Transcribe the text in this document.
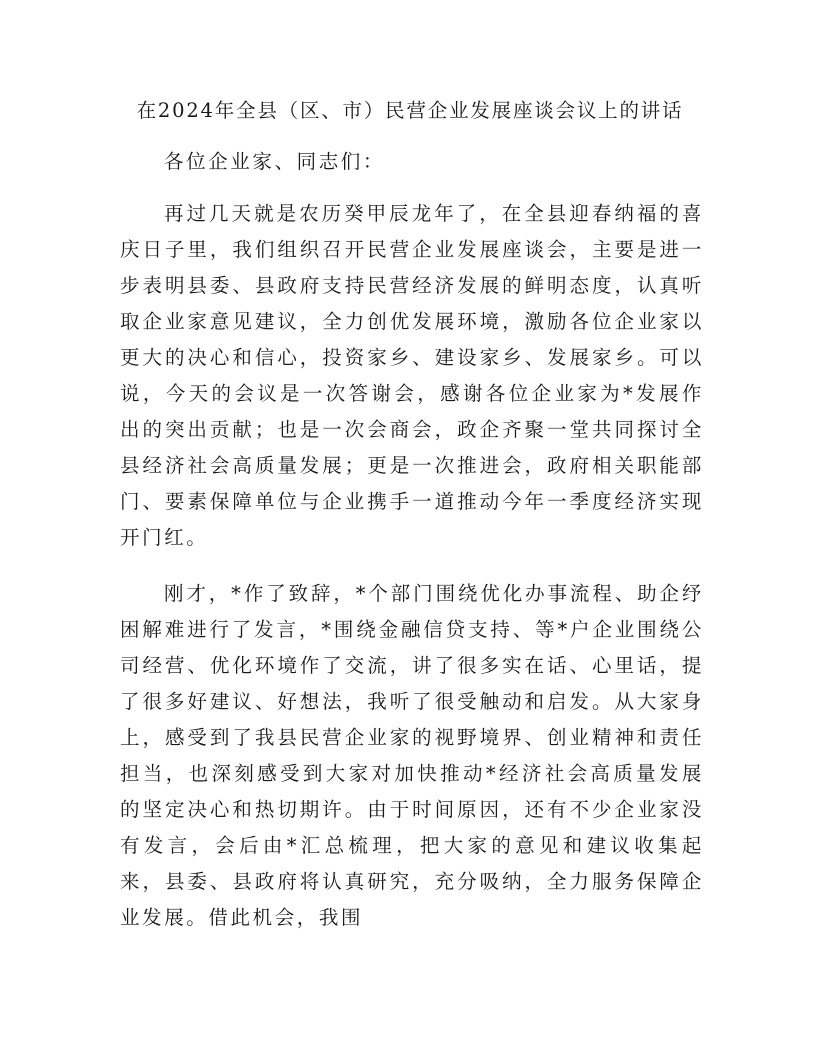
在2024年全县（区、市）民营企业发展座谈会议上的讲话

各位企业家、同志们：

再过几天就是农历癸甲辰龙年了，在全县迎春纳福的喜庆日子里，我们组织召开民营企业发展座谈会，主要是进一步表明县委、县政府支持民营经济发展的鲜明态度，认真听取企业家意见建议，全力创优发展环境，激励各位企业家以更大的决心和信心，投资家乡、建设家乡、发展家乡。可以说，今天的会议是一次答谢会，感谢各位企业家为*发展作出的突出贡献；也是一次会商会，政企齐聚一堂共同探讨全县经济社会高质量发展；更是一次推进会，政府相关职能部门、要素保障单位与企业携手一道推动今年一季度经济实现开门红。

刚才，*作了致辞，*个部门围绕优化办事流程、助企纾困解难进行了发言，*围绕金融信贷支持、等*户企业围绕公司经营、优化环境作了交流，讲了很多实在话、心里话，提了很多好建议、好想法，我听了很受触动和启发。从大家身上，感受到了我县民营企业家的视野境界、创业精神和责任担当，也深刻感受到大家对加快推动*经济社会高质量发展的坚定决心和热切期许。由于时间原因，还有不少企业家没有发言，会后由*汇总梳理，把大家的意见和建议收集起来，县委、县政府将认真研究，充分吸纳，全力服务保障企业发展。借此机会，我围
